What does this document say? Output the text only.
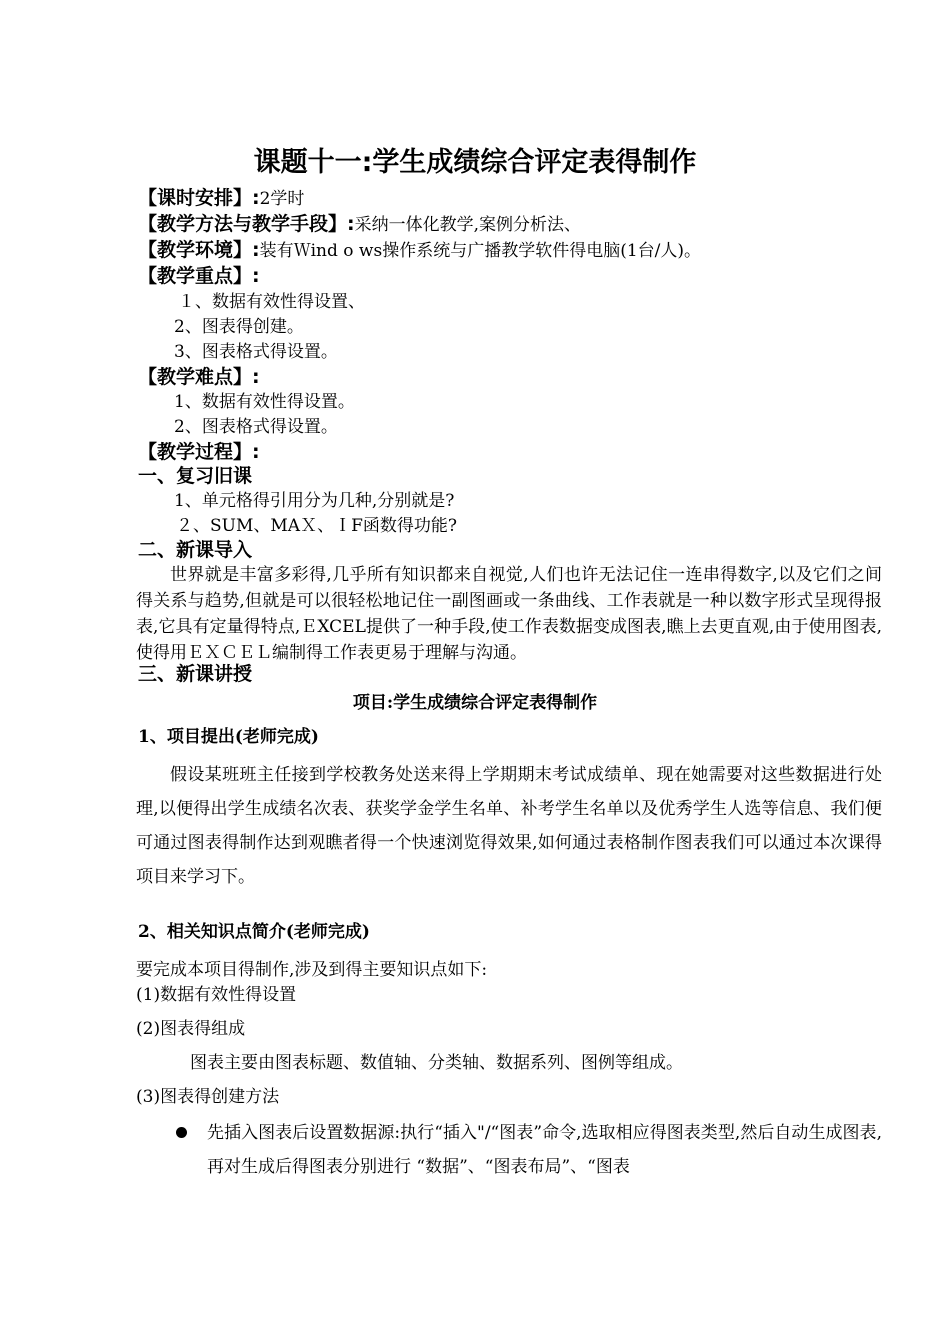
课题十一:学生成绩综合评定表得制作
【课时安排】:2学时
【教学方法与教学手段】:采纳一体化教学,案例分析法、
【教学环境】:装有Ｗind o ws操作系统与广播教学软件得电脑(1台/人)。
【教学重点】:
１、数据有效性得设置、
2、图表得创建。
3、图表格式得设置。
【教学难点】:
1、数据有效性得设置。
2、图表格式得设置。
【教学过程】:
一、复习旧课
1、单元格得引用分为几种,分别就是?
２、SUM、MAＸ、ＩF函数得功能?
二、新课导入
世界就是丰富多彩得,几乎所有知识都来自视觉,人们也许无法记住一连串得数字,以及它们之间得关系与趋势,但就是可以很轻松地记住一副图画或一条曲线、工作表就是一种以数字形式呈现得报表,它具有定量得特点,ＥXCEL提供了一种手段,使工作表数据变成图表,瞧上去更直观,由于使用图表,使得用ＥＸＣＥＬ编制得工作表更易于理解与沟通。
三、新课讲授
项目:学生成绩综合评定表得制作
1、项目提出(老师完成)
假设某班班主任接到学校教务处送来得上学期期末考试成绩单、现在她需要对这些数据进行处理,以便得出学生成绩名次表、获奖学金学生名单、补考学生名单以及优秀学生人选等信息、我们便可通过图表得制作达到观瞧者得一个快速浏览得效果,如何通过表格制作图表我们可以通过本次课得项目来学习下。
2、相关知识点简介(老师完成)
要完成本项目得制作,涉及到得主要知识点如下:
(1)数据有效性得设置
(2)图表得组成
图表主要由图表标题、数值轴、分类轴、数据系列、图例等组成。
(3)图表得创建方法
先插入图表后设置数据源:执行“插入"/“图表”命令,选取相应得图表类型,然后自动生成图表,再对生成后得图表分别进行 “数据”、“图表布局”、“图表
